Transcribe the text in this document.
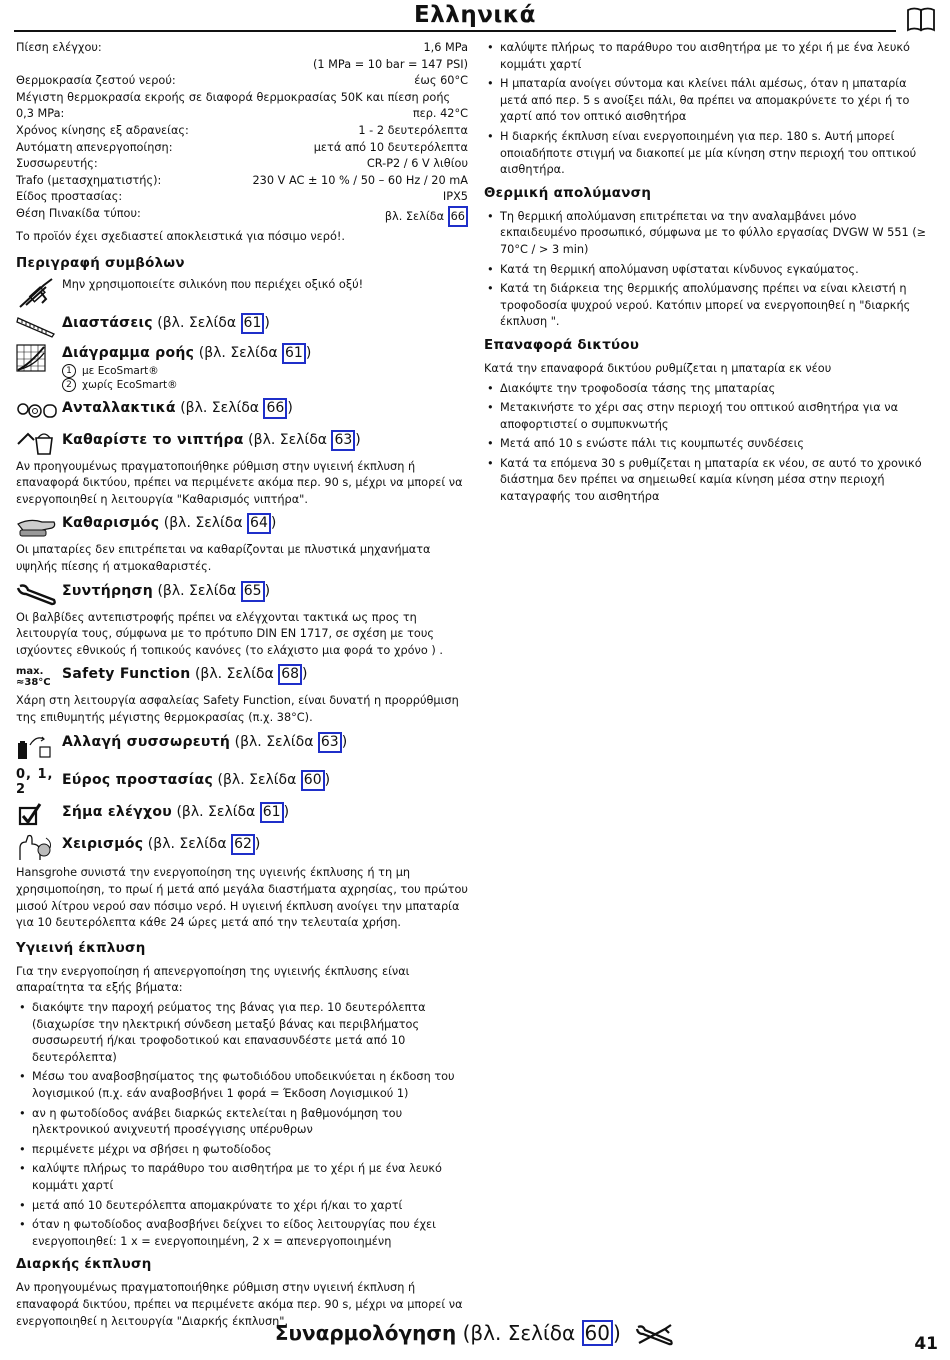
Ελληνικά
Πίεση ελέγχου:	1,6 MPa
(1 MPa = 10 bar = 147 PSI)
Θερμοκρασία ζεστού νερού:	έως 60°C
Μέγιστη θερμοκρασία εκροής σε διαφορά θερμοκρασίας 50K και πίεση ροής
0,3 MPa:	περ. 42°C
Χρόνος κίνησης εξ αδρανείας:	1 - 2 δευτερόλεπτα
Αυτόματη απενεργοποίηση:	μετά από 10 δευτερόλεπτα
Συσσωρευτής:	CR-P2 / 6 V λιθίου
Trafo (μετασχηματιστής):	230 V AC ± 10 % / 50 – 60 Hz / 20 mA
Είδος προστασίας:	IPX5
Θέση Πινακίδα τύπου:	βλ. Σελίδα 66

Το προϊόν έχει σχεδιαστεί αποκλειστικά για πόσιμο νερό!.

Περιγραφή συμβόλων
Μην χρησιμοποιείτε σιλικόνη που περιέχει οξικό οξύ!
Διαστάσεις (βλ. Σελίδα 61 )
Διάγραμμα ροής (βλ. Σελίδα 61 )
1 με EcoSmart®
2 χωρίς EcoSmart®
Ανταλλακτικά (βλ. Σελίδα 66 )
Καθαρίστε το νιπτήρα (βλ. Σελίδα 63 )

Αν προηγουμένως πραγματοποιήθηκε ρύθμιση στην υγιεινή έκπλυση ή επαναφορά δικτύου, πρέπει να περιμένετε ακόμα περ. 90 s, μέχρι να μπορεί να ενεργοποιηθεί η λειτουργία "Καθαρισμός νιπτήρα".

Καθαρισμός (βλ. Σελίδα 64 )

Οι μπαταρίες δεν επιτρέπεται να καθαρίζονται με πλυστικά μηχανήματα υψηλής πίεσης ή ατμοκαθαριστές.

Συντήρηση (βλ. Σελίδα 65 )

Οι βαλβίδες αντεπιστροφής πρέπει να ελέγχονται τακτικά ως προς τη λειτουργία τους, σύμφωνα με το πρότυπο DIN EN 1717, σε σχέση με τους ισχύοντες εθνικούς ή τοπικούς κανόνες (το ελάχιστο μια φορά το χρόνο ) .

max.
≈38°C
Safety Function (βλ. Σελίδα 68 )

Χάρη στη λειτουργία ασφαλείας Safety Function, είναι δυνατή η προρρύθμιση της επιθυμητής μέγιστης θερμοκρασίας (π.χ. 38°C).

Αλλαγή συσσωρευτή (βλ. Σελίδα 63 )
0, 1, 2
Εύρος προστασίας (βλ. Σελίδα 60 )
Σήμα ελέγχου (βλ. Σελίδα 61 )
Χειρισμός (βλ. Σελίδα 62 )

Hansgrohe συνιστά την ενεργοποίηση της υγιεινής έκπλυσης ή τη μη χρησιμοποίηση, το πρωί ή μετά από μεγάλα διαστήματα αχρησίας, του πρώτου μισού λίτρου νερού σαν πόσιμο νερό. Η υγιεινή έκπλυση ανοίγει την μπαταρία για 10 δευτερόλεπτα κάθε 24 ώρες μετά από την τελευταία χρήση.

Υγιεινή έκπλυση

Για την ενεργοποίηση ή απενεργοποίηση της υγιεινής έκπλυσης είναι απαραίτητα τα εξής βήματα:

• διακόψτε την παροχή ρεύματος της βάνας για περ. 10 δευτερόλεπτα (διαχωρίσε την ηλεκτρική σύνδεση μεταξύ βάνας και περιβλήματος συσσωρευτή ή/και τροφοδοτικού και επανασυνδέστε μετά από 10 δευτερόλεπτα)
• Μέσω του αναβοσβησίματος της φωτοδιόδου υποδεικνύεται η έκδοση του λογισμικού (π.χ. εάν αναβοσβήνει 1 φορά = Έκδοση Λογισμικού 1)
• αν η φωτοδίοδος ανάβει διαρκώς εκτελείται η βαθμονόμηση του ηλεκτρονικού ανιχνευτή προσέγγισης υπέρυθρων
• περιμένετε μέχρι να σβήσει η φωτοδίοδος
• καλύψτε πλήρως το παράθυρο του αισθητήρα με το χέρι ή με ένα λευκό κομμάτι χαρτί
• μετά από 10 δευτερόλεπτα απομακρύνατε το χέρι ή/και το χαρτί
• όταν η φωτοδίοδος αναβοσβήνει δείχνει το είδος λειτουργίας που έχει ενεργοποιηθεί: 1 x = ενεργοποιημένη, 2 x = απενεργοποιημένη
Διαρκής έκπλυση

Αν προηγουμένως πραγματοποιήθηκε ρύθμιση στην υγιεινή έκπλυση ή επαναφορά δικτύου, πρέπει να περιμένετε ακόμα περ. 90 s, μέχρι να μπορεί να ενεργοποιηθεί η λειτουργία "Διαρκής έκπλυση".

• καλύψτε πλήρως το παράθυρο του αισθητήρα με το χέρι ή με ένα λευκό κομμάτι χαρτί
• Η μπαταρία ανοίγει σύντομα και κλείνει πάλι αμέσως, όταν η μπαταρία μετά από περ. 5 s ανοίξει πάλι, θα πρέπει να απομακρύνετε το χέρι ή το χαρτί από τον οπτικό αισθητήρα
• Η διαρκής έκπλυση είναι ενεργοποιημένη για περ. 180 s. Αυτή μπορεί οποιαδήποτε στιγμή να διακοπεί με μία κίνηση στην περιοχή του οπτικού αισθητήρα.
Θερμική απολύμανση
• Τη θερμική απολύμανση επιτρέπεται να την αναλαμβάνει μόνο εκπαιδευμένο προσωπικό, σύμφωνα με το φύλλο εργασίας DVGW W 551 (≥ 70°C / > 3 min)
• Κατά τη θερμική απολύμανση υφίσταται κίνδυνος εγκαύματος.
• Κατά τη διάρκεια της θερμικής απολύμανσης πρέπει να είναι κλειστή η τροφοδοσία ψυχρού νερού. Κατόπιν μπορεί να ενεργοποιηθεί η "διαρκής έκπλυση ".
Επαναφορά δικτύου

Κατά την επαναφορά δικτύου ρυθμίζεται η μπαταρία εκ νέου

• Διακόψτε την τροφοδοσία τάσης της μπαταρίας
• Μετακινήστε το χέρι σας στην περιοχή του οπτικού αισθητήρα για να αποφορτιστεί ο συμπυκνωτής
• Μετά από 10 s ενώστε πάλι τις κουμπωτές συνδέσεις
• Κατά τα επόμενα 30 s ρυθμίζεται η μπαταρία εκ νέου, σε αυτό το χρονικό διάστημα δεν πρέπει να σημειωθεί καμία κίνηση μέσα στην περιοχή καταγραφής του αισθητήρα
Συναρμολόγηση (βλ. Σελίδα 60 )	41
